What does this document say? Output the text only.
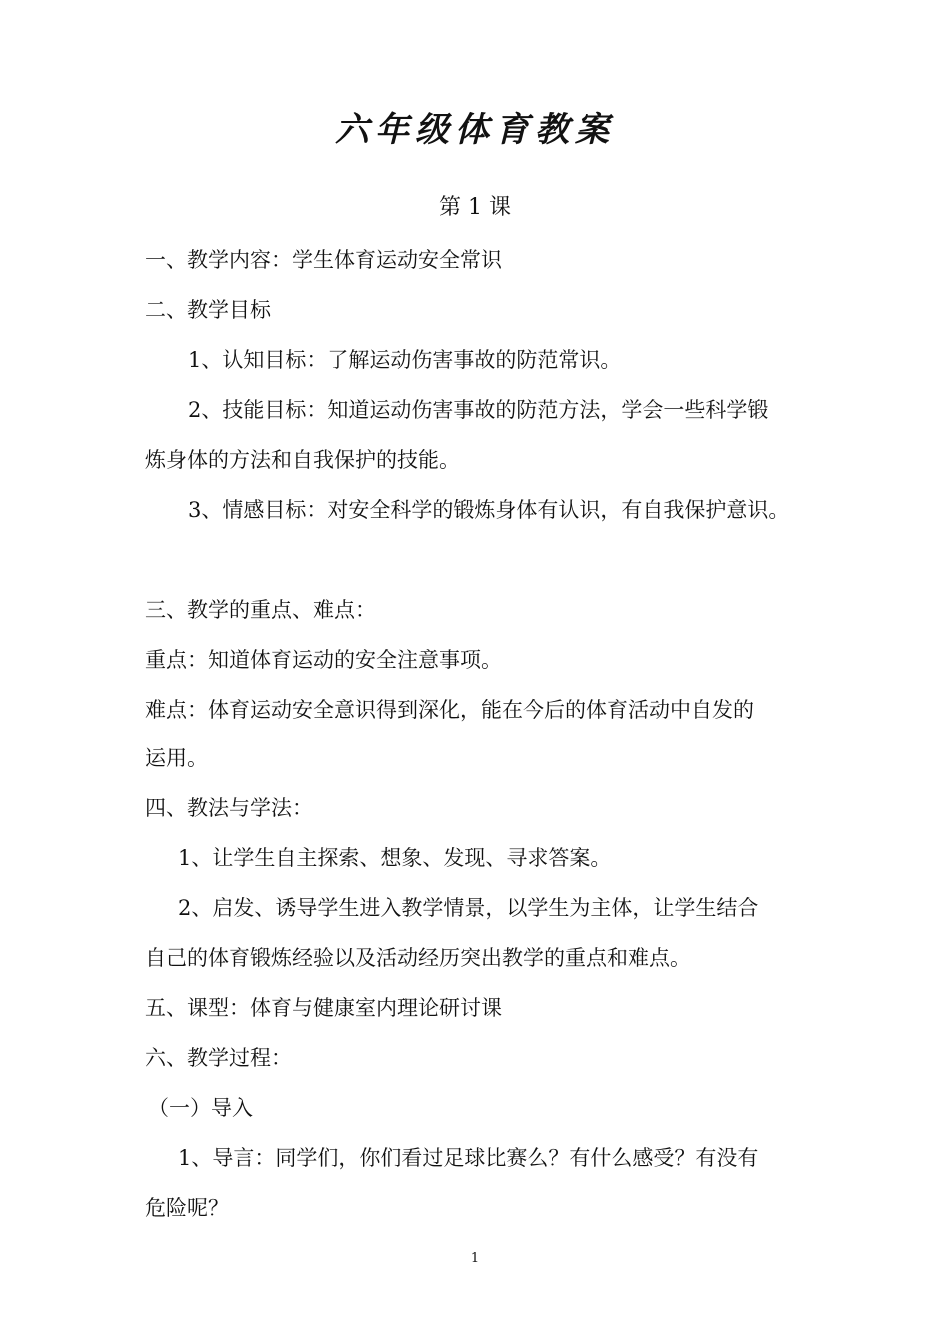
六年级体育教案
第 1 课
一、教学内容：学生体育运动安全常识
二、教学目标
1、认知目标：了解运动伤害事故的防范常识。
2、技能目标：知道运动伤害事故的防范方法，学会一些科学锻
炼身体的方法和自我保护的技能。
3、情感目标：对安全科学的锻炼身体有认识，有自我保护意识。
三、教学的重点、难点：
重点：知道体育运动的安全注意事项。
难点：体育运动安全意识得到深化，能在今后的体育活动中自发的
运用。
四、教法与学法：
1、让学生自主探索、想象、发现、寻求答案。
2、启发、诱导学生进入教学情景，以学生为主体，让学生结合
自己的体育锻炼经验以及活动经历突出教学的重点和难点。
五、课型：体育与健康室内理论研讨课
六、教学过程：
（一）导入
1、导言：同学们，你们看过足球比赛么？有什么感受？有没有
危险呢？
1
